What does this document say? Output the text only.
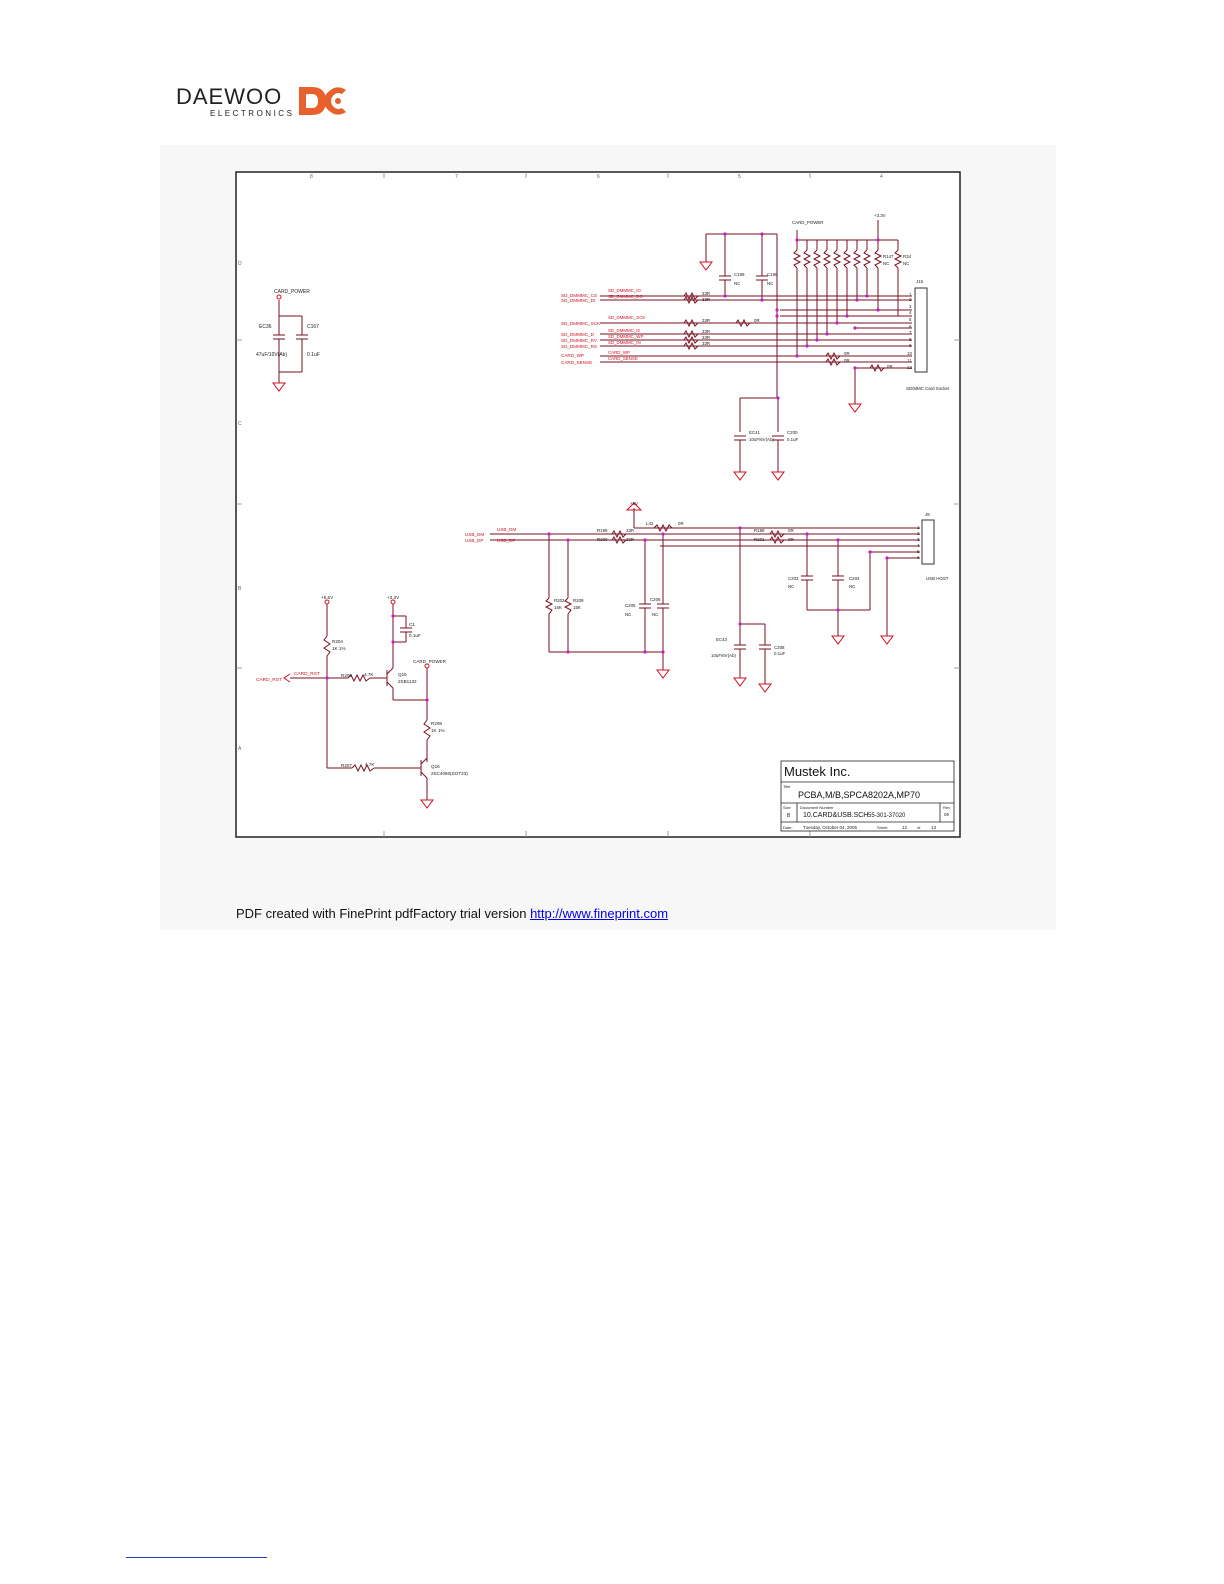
DAEWOO
ELECTRONICS
8	7	6	5	4
D
C
B
A
CARD_POWER
EC36
47uF/10V(Ab)
C167
0.1uF
SD_DMMMC_CS
SD_DMMMC_DI
SD_DMMMC_SCK
SD_DMMMC_D
SD_DMMMC_RV
SD_DMMMC_RS
CARD_WP
CARD_SENSE
SD_DMMMC_IO
SD_DMMMC_DO
SD_DMMMC_SCK
SD_DMMMC_I0
SD_DMMMC_WP
SD_DMMMC_IN
CARD_WP
CARD_SENSE
33R
33R
33R
33R
33R
33R
0R
0R
0R
0R
C199
NC
C198
NC
EC41
10uF/6V(Ab)
C200
0.1uF
R147
NC
R34
NC
CARD_POWER
+3.3V
J15
SD/MMC Card Socket
1
2
3
4
5
6
7
8
9
10
11
12
USB_DM
USB_DP
USB_DM
USB_DP
+5V
R199	33R
R200	33R
L42	0R
R199	0R
R201	0R
R202
15K
R209
15K	C205
NC
C206
NC
C203
NC
C204
NC
EC43
10uF/6V(Ab)
C208
0.1uF
J8
USB HOST
1
2
3
4
5
6
+5.5V	+3.3V
CARD_POWER
R204
1K 1%
R206	4.7K	Q15
2SB1132
R208
1K 1%
R207	4.7K	Q16
2SC4080(SOT23)
C1
0.1uF
CARD_RST
CARD_RST
Mustek Inc.
Title
PCBA,M/B,SPCA8202A,MP70
Size
B
Document Number
10.CARD&USB.SCH 55-301-37020
Rev
06
Date: Tuesday, October 04, 2005	Sheet	12 of 13
PDF created with FinePrint pdfFactory trial version http://www.fineprint.com
